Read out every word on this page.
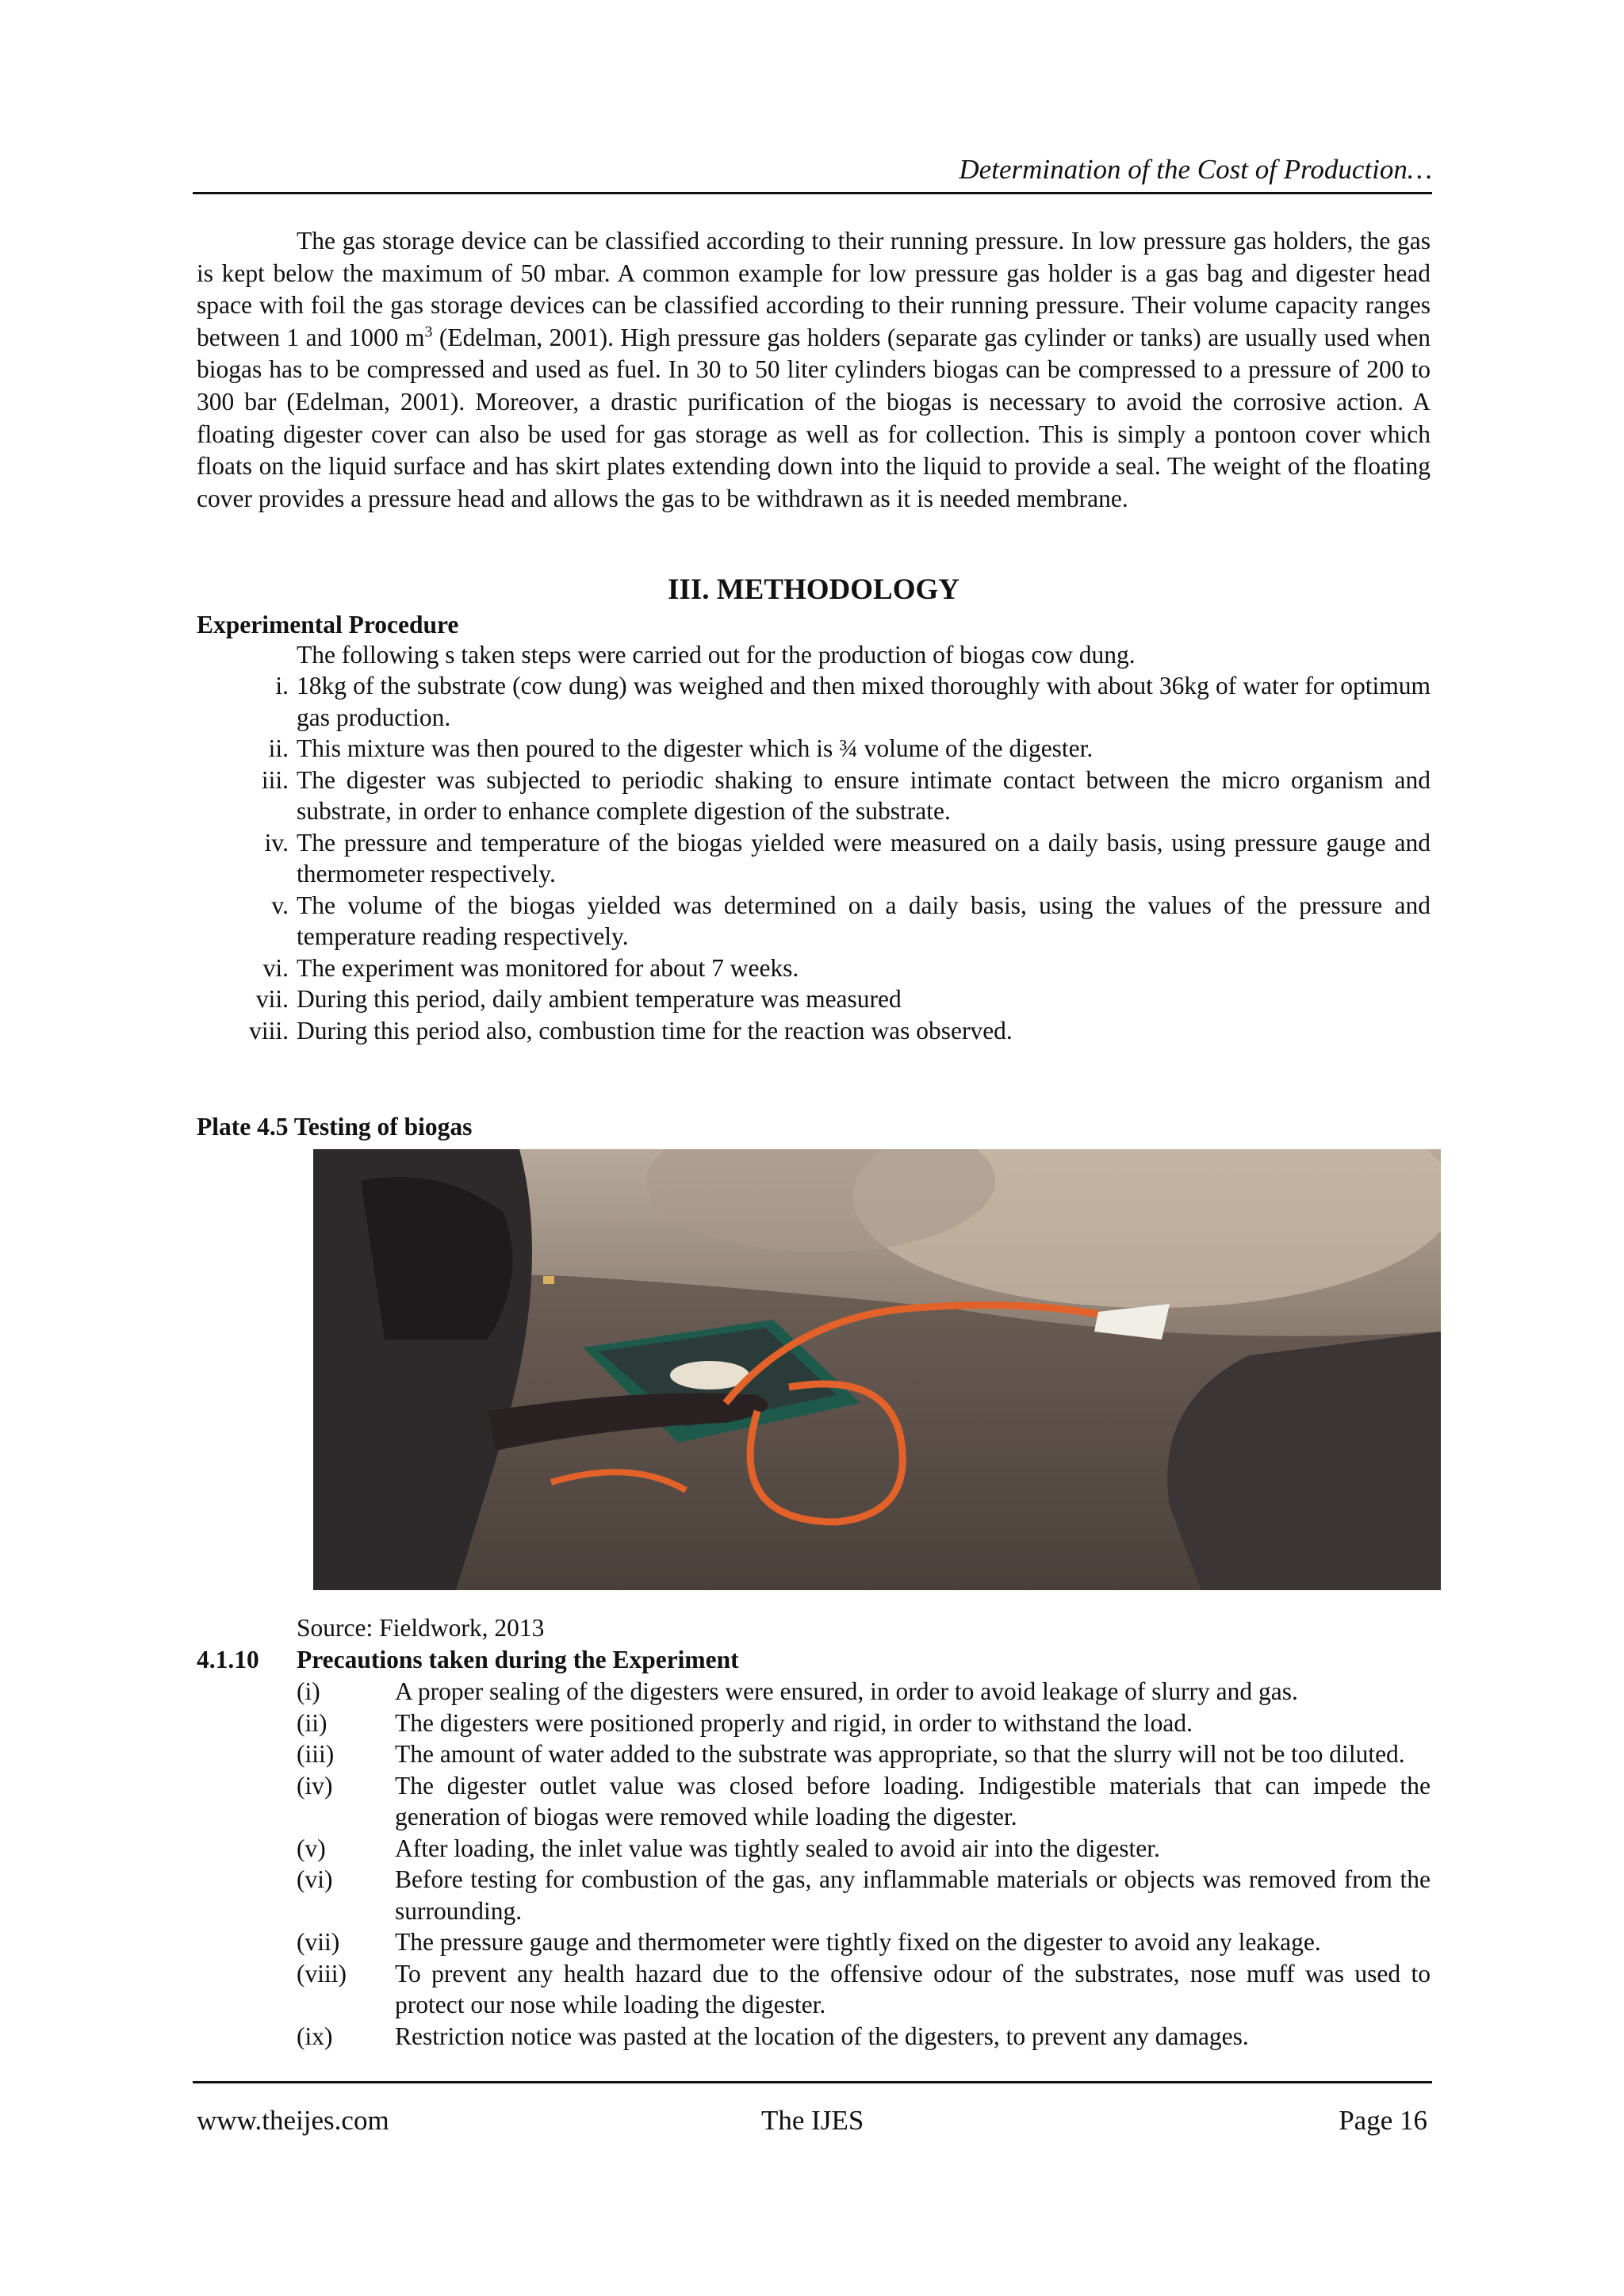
Determination of the Cost of Production…

The gas storage device can be classified according to their running pressure. In low pressure gas holders, the gas is kept below the maximum of 50 mbar. A common example for low pressure gas holder is a gas bag and digester head space with foil the gas storage devices can be classified according to their running pressure. Their volume capacity ranges between 1 and 1000 $m^3$ (Edelman, 2001). High pressure gas holders (separate gas cylinder or tanks) are usually used when biogas has to be compressed and used as fuel. In 30 to 50 liter cylinders biogas can be compressed to a pressure of 200 to 300 bar (Edelman, 2001). Moreover, a drastic purification of the biogas is necessary to avoid the corrosive action. A floating digester cover can also be used for gas storage as well as for collection. This is simply a pontoon cover which floats on the liquid surface and has skirt plates extending down into the liquid to provide a seal. The weight of the floating cover provides a pressure head and allows the gas to be withdrawn as it is needed membrane.

III. METHODOLOGY
Experimental Procedure
The following s taken steps were carried out for the production of biogas cow dung.
i. 18kg of the substrate (cow dung) was weighed and then mixed thoroughly with about 36kg of water for optimum gas production.
ii. This mixture was then poured to the digester which is ¾ volume of the digester.
iii. The digester was subjected to periodic shaking to ensure intimate contact between the micro organism and substrate, in order to enhance complete digestion of the substrate.
iv. The pressure and temperature of the biogas yielded were measured on a daily basis, using pressure gauge and thermometer respectively.
v. The volume of the biogas yielded was determined on a daily basis, using the values of the pressure and temperature reading respectively.
vi. The experiment was monitored for about 7 weeks.
vii. During this period, daily ambient temperature was measured
viii. During this period also, combustion time for the reaction was observed.
Plate 4.5 Testing of biogas
Source: Fieldwork, 2013
4.1.10 Precautions taken during the Experiment
(i)	A proper sealing of the digesters were ensured, in order to avoid leakage of slurry and gas.
(ii)	The digesters were positioned properly and rigid, in order to withstand the load.
(iii) The amount of water added to the substrate was appropriate, so that the slurry will not be too diluted.
(iv) The digester outlet value was closed before loading. Indigestible materials that can impede the generation of biogas were removed while loading the digester.
(v)	After loading, the inlet value was tightly sealed to avoid air into the digester.
(vi) Before testing for combustion of the gas, any inflammable materials or objects was removed from the surrounding.
(vii) The pressure gauge and thermometer were tightly fixed on the digester to avoid any leakage.
(viii) To prevent any health hazard due to the offensive odour of the substrates, nose muff was used to protect our nose while loading the digester.
(ix) Restriction notice was pasted at the location of the digesters, to prevent any damages.
www.theijes.com	The IJES	Page 16
